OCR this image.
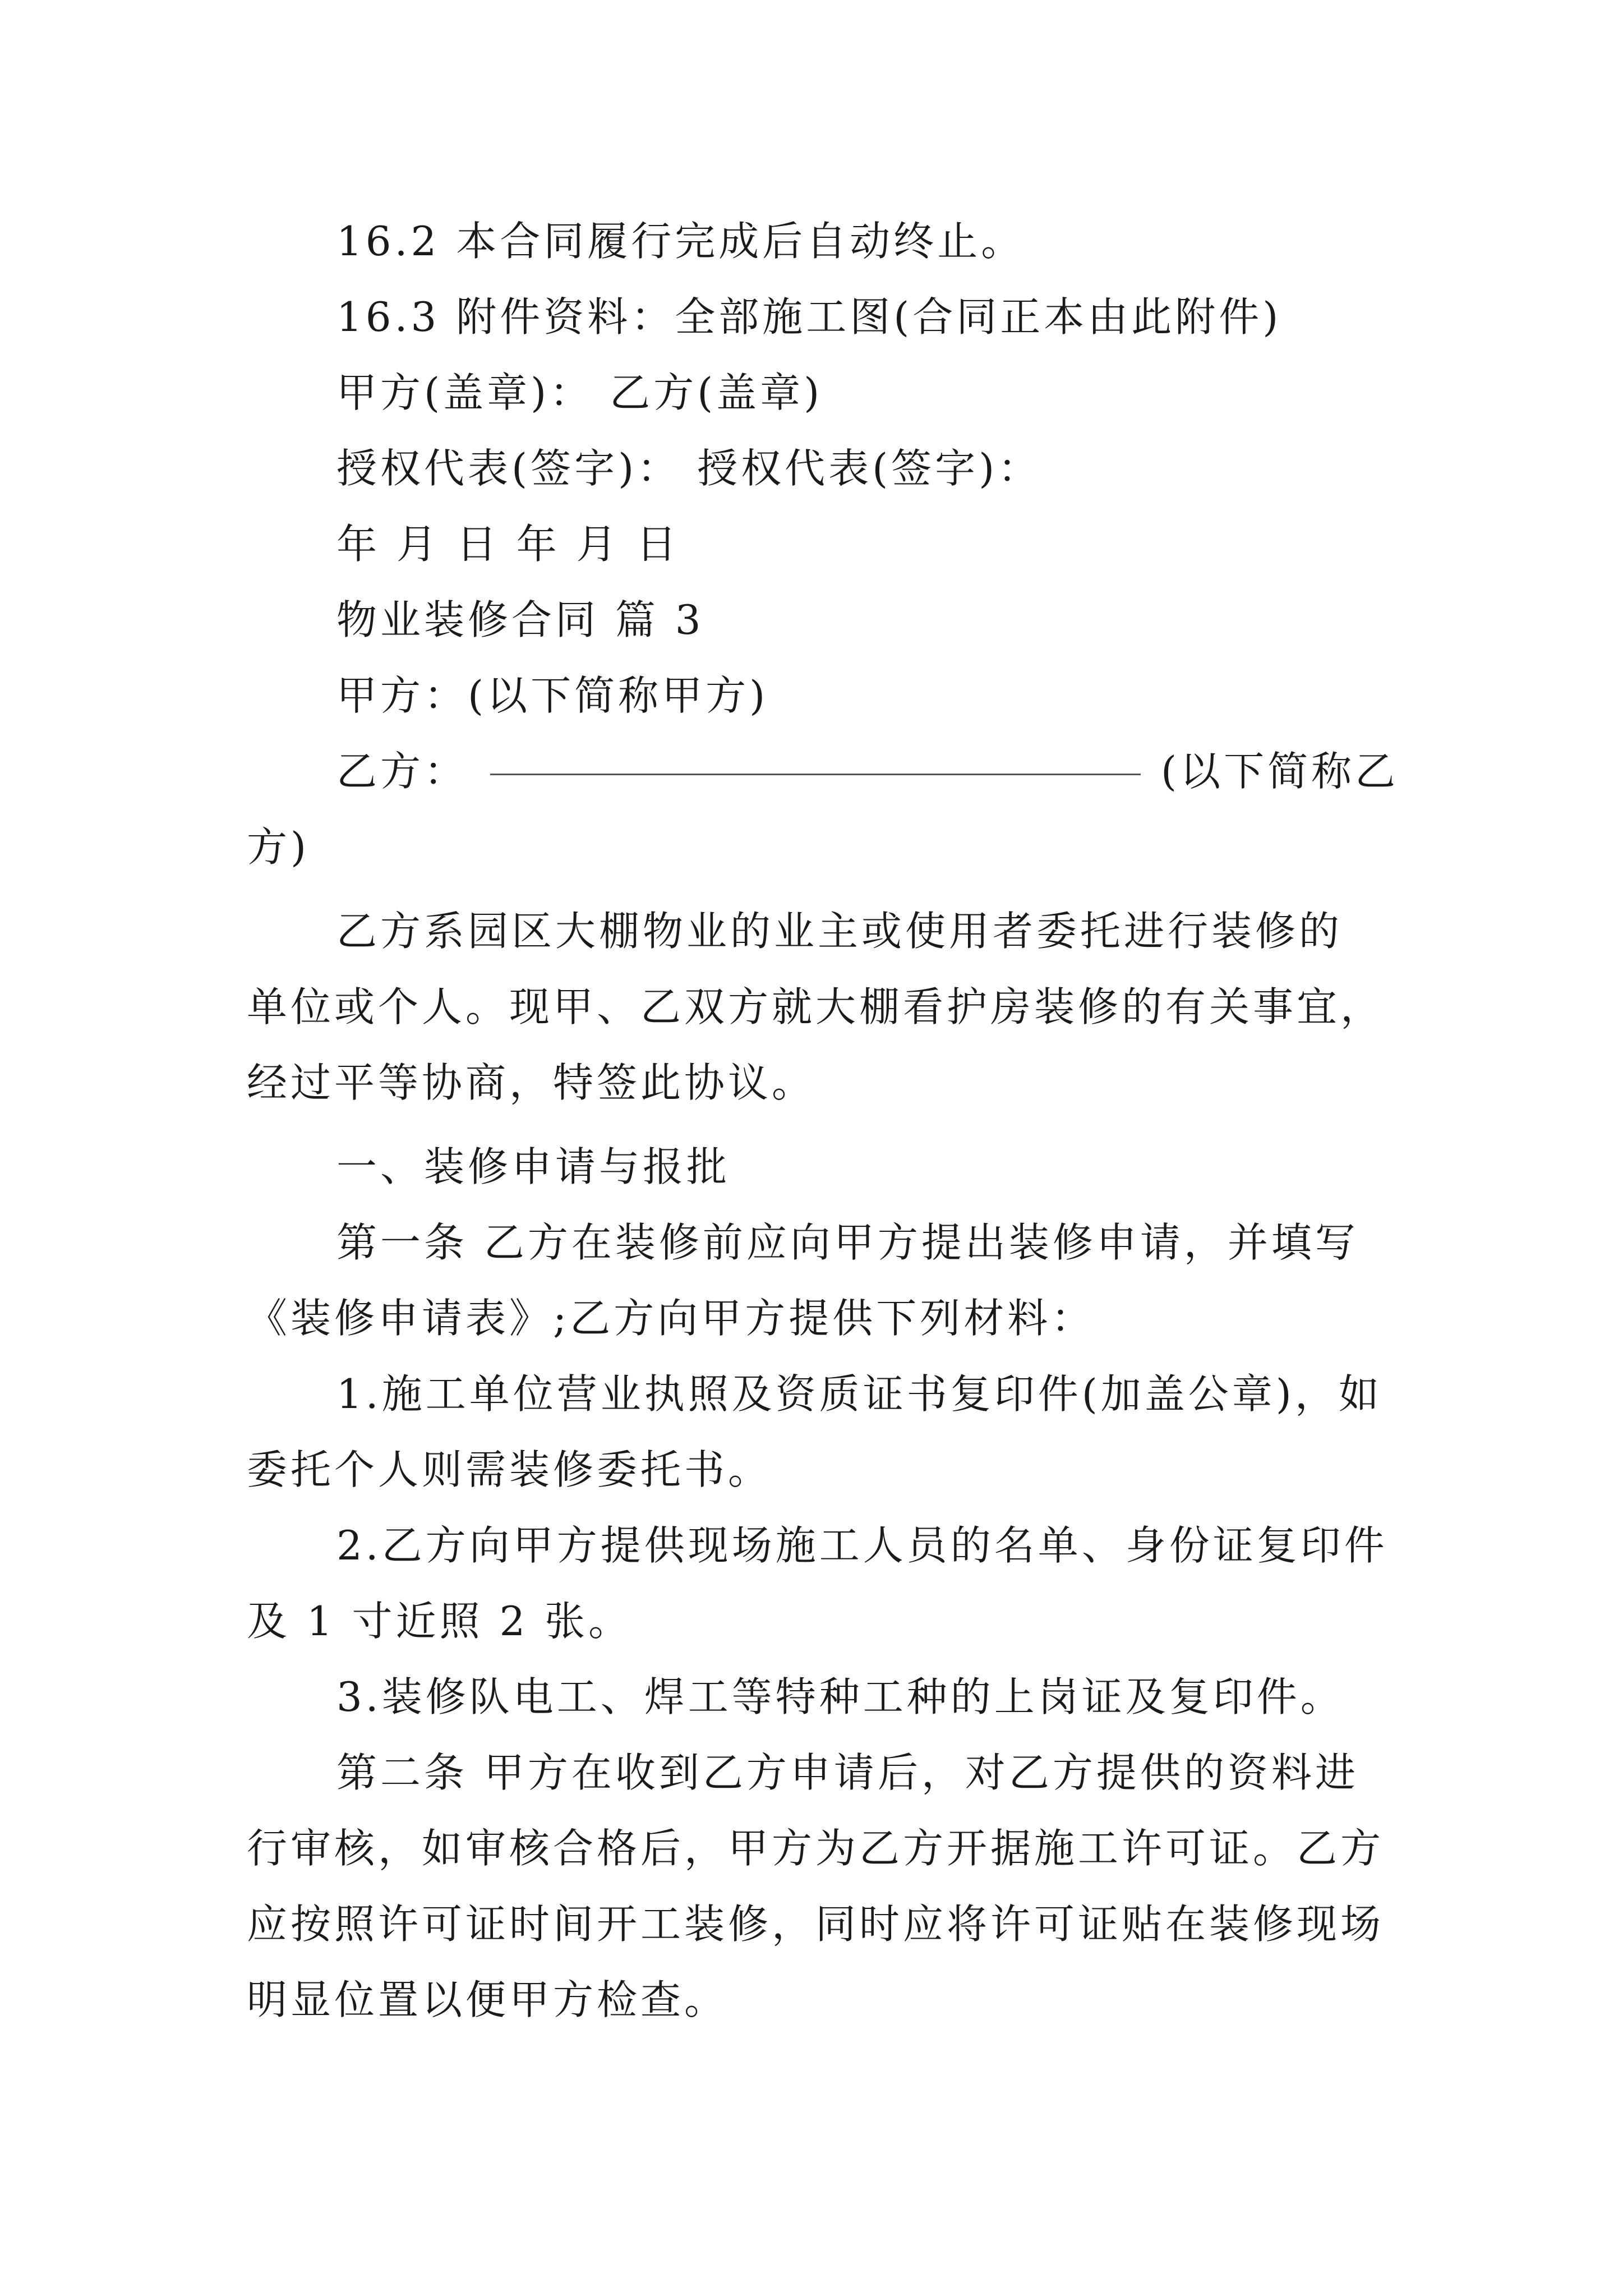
16.2 本合同履行完成后自动终止。
16.3 附件资料：全部施工图(合同正本由此附件)
甲方(盖章)： 乙方(盖章)
授权代表(签字)： 授权代表(签字)：
年 月 日 年 月 日
物业装修合同 篇 3
甲方：(以下简称甲方)
乙方：	(以下简称乙
方)
乙方系园区大棚物业的业主或使用者委托进行装修的
单位或个人。现甲、乙双方就大棚看护房装修的有关事宜，
经过平等协商，特签此协议。
一、装修申请与报批
第一条 乙方在装修前应向甲方提出装修申请，并填写
《装修申请表》;乙方向甲方提供下列材料：
1.施工单位营业执照及资质证书复印件(加盖公章)，如
委托个人则需装修委托书。
2.乙方向甲方提供现场施工人员的名单、身份证复印件
及 1 寸近照 2 张。
3.装修队电工、焊工等特种工种的上岗证及复印件。
第二条 甲方在收到乙方申请后，对乙方提供的资料进
行审核，如审核合格后，甲方为乙方开据施工许可证。乙方
应按照许可证时间开工装修，同时应将许可证贴在装修现场
明显位置以便甲方检查。
